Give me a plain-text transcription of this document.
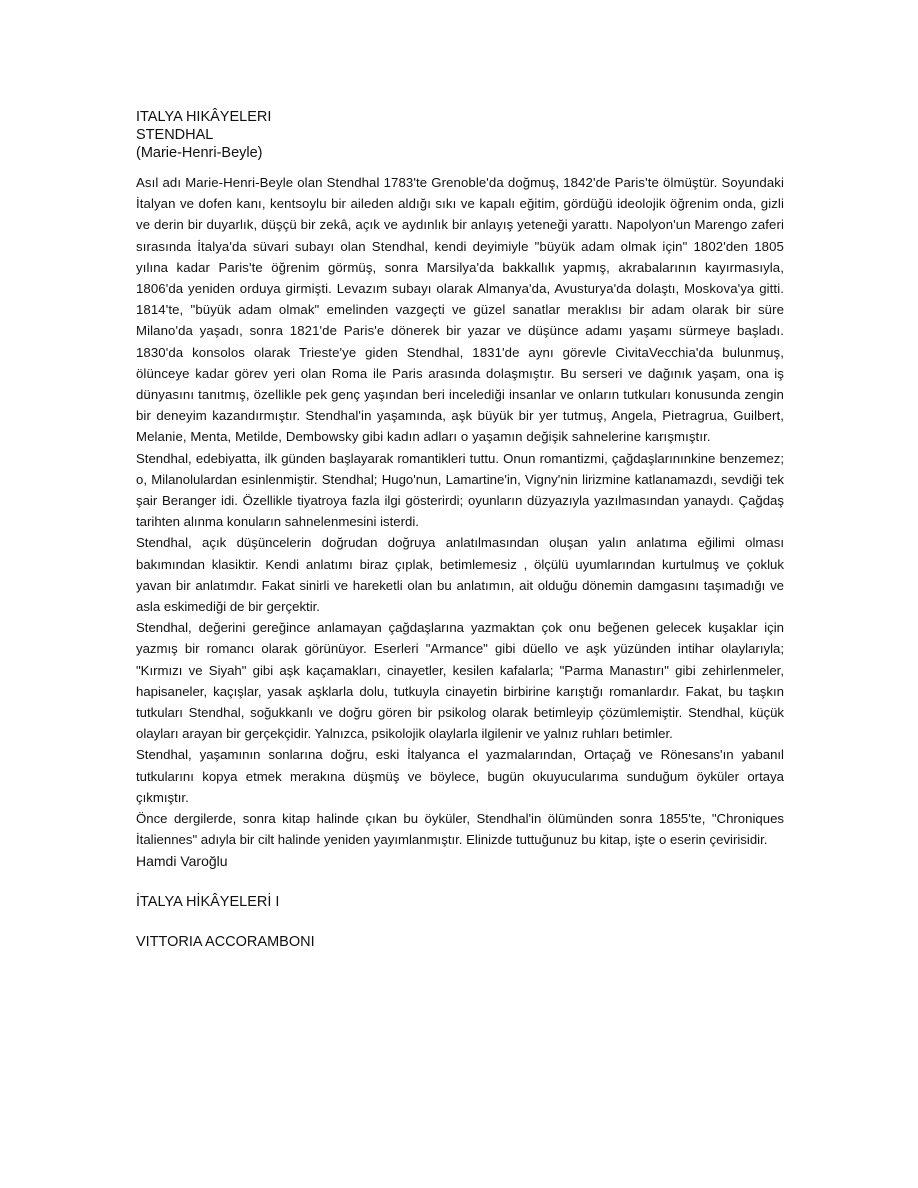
ITALYA HIKÂYELERI

STENDHAL

(Marie-Henri-Beyle)

Asıl adı Marie-Henri-Beyle olan Stendhal 1783'te Grenoble'da doğmuş, 1842'de Paris'te ölmüştür. Soyundaki İtalyan ve dofen kanı, kentsoylu bir aileden aldığı sıkı ve kapalı eğitim, gördüğü ideolojik öğrenim onda, gizli ve derin bir duyarlık, düşçü bir zekâ, açık ve aydınlık bir anlayış yeteneği yarattı. Napolyon'un Marengo zaferi sırasında İtalya'da süvari subayı olan Stendhal, kendi deyimiyle "büyük adam olmak için" 1802'den 1805 yılına kadar Paris'te öğrenim görmüş, sonra Marsilya'da bakkallık yapmış, akrabalarının kayırmasıyla, 1806'da yeniden orduya girmişti. Levazım subayı olarak Almanya'da, Avusturya'da dolaştı, Moskova'ya gitti. 1814'te, "büyük adam olmak" emelinden vazgeçti ve güzel sanatlar meraklısı bir adam olarak bir süre Milano'da yaşadı, sonra 1821'de Paris'e dönerek bir yazar ve düşünce adamı yaşamı sürmeye başladı. 1830'da konsolos olarak Trieste'ye giden Stendhal, 1831'de aynı görevle CivitaVecchia'da bulunmuş, ölünceye kadar görev yeri olan Roma ile Paris arasında dolaşmıştır. Bu serseri ve dağınık yaşam, ona iş dünyasını tanıtmış, özellikle pek genç yaşından beri incelediği insanlar ve onların tutkuları konusunda zengin bir deneyim kazandırmıştır. Stendhal'in yaşamında, aşk büyük bir yer tutmuş, Angela, Pietragrua, Guilbert, Melanie, Menta, Metilde, Dembowsky gibi kadın adları o yaşamın değişik sahnelerine karışmıştır.

Stendhal, edebiyatta, ilk günden başlayarak romantikleri tuttu. Onun romantizmi, çağdaşlarınınkine benzemez; o, Milanolulardan esinlenmiştir. Stendhal; Hugo'nun, Lamartine'in, Vigny'nin lirizmine katlanamazdı, sevdiği tek şair Beranger idi. Özellikle tiyatroya fazla ilgi gösterirdi; oyunların düzyazıyla yazılmasından yanaydı. Çağdaş tarihten alınma konuların sahnelenmesini isterdi.

Stendhal, açık düşüncelerin doğrudan doğruya anlatılmasından oluşan yalın anlatıma eğilimi olması bakımından klasiktir. Kendi anlatımı biraz çıplak, betimlemesiz , ölçülü uyumlarından kurtulmuş ve çokluk yavan bir anlatımdır. Fakat sinirli ve hareketli olan bu anlatımın, ait olduğu dönemin damgasını taşımadığı ve asla eskimediği de bir gerçektir.

Stendhal, değerini gereğince anlamayan çağdaşlarına yazmaktan çok onu beğenen gelecek kuşaklar için yazmış bir romancı olarak görünüyor. Eserleri "Armance" gibi düello ve aşk yüzünden intihar olaylarıyla; "Kırmızı ve Siyah" gibi aşk kaçamakları, cinayetler, kesilen kafalarla; "Parma Manastırı" gibi zehirlenmeler, hapisaneler, kaçışlar, yasak aşklarla dolu, tutkuyla cinayetin birbirine karıştığı romanlardır. Fakat, bu taşkın tutkuları Stendhal, soğukkanlı ve doğru gören bir psikolog olarak betimleyip çözümlemiştir. Stendhal, küçük olayları arayan bir gerçekçidir. Yalnızca, psikolojik olaylarla ilgilenir ve yalnız ruhları betimler.

Stendhal, yaşamının sonlarına doğru, eski İtalyanca el yazmalarından, Ortaçağ ve Rönesans'ın yabanıl tutkularını kopya etmek merakına düşmüş ve böylece, bugün okuyucularıma sunduğum öyküler ortaya çıkmıştır.

Önce dergilerde, sonra kitap halinde çıkan bu öyküler, Stendhal'in ölümünden sonra 1855'te, "Chroniques İtaliennes" adıyla bir cilt halinde yeniden yayımlanmıştır. Elinizde tuttuğunuz bu kitap, işte o eserin çevirisidir.

Hamdi Varoğlu

İTALYA HİKÂYELERİ I

VITTORIA ACCORAMBONI
